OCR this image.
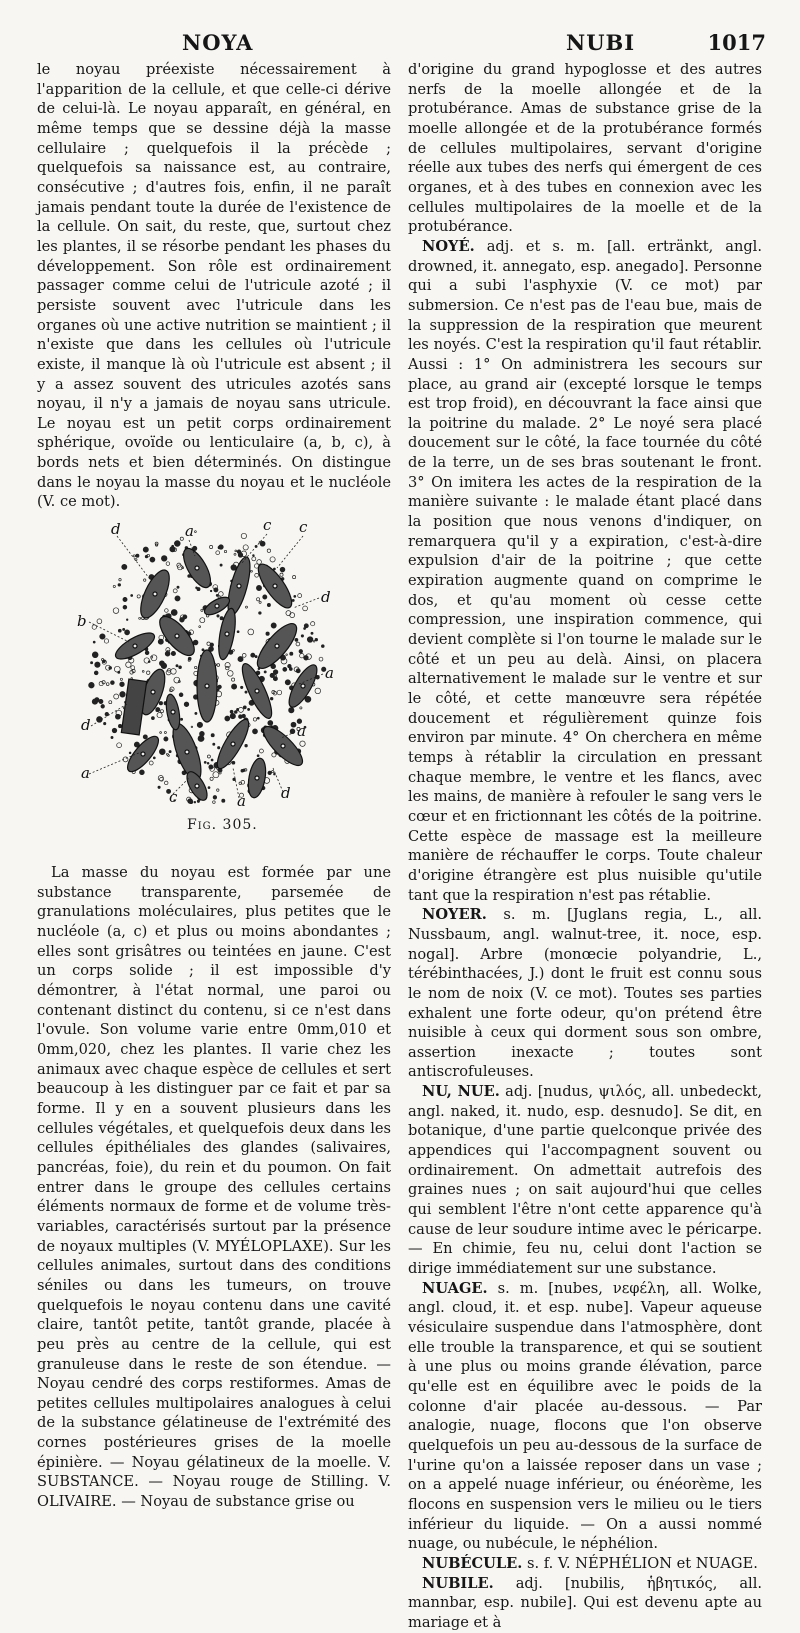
NOYA	NUBI	1017

le noyau préexiste nécessairement à l'apparition de la cellule, et que celle-ci dérive de celui-là. Le noyau apparaît, en général, en même temps que se dessine déjà la masse cellulaire ; quelquefois il la précède ; quelquefois sa naissance est, au contraire, consécutive ; d'autres fois, enfin, il ne paraît jamais pendant toute la durée de l'existence de la cellule. On sait, du reste, que, surtout chez les plantes, il se résorbe pendant les phases du développement. Son rôle est ordinairement passager comme celui de l'utricule azoté ; il persiste souvent avec l'utricule dans les organes où une active nutrition se maintient ; il n'existe que dans les cellules où l'utricule existe, il manque là où l'utricule est absent ; il y a assez souvent des utricules azotés sans noyau, il n'y a jamais de noyau sans utricule. Le noyau est un petit corps ordinairement sphérique, ovoïde ou lenticulaire (a, b, c), à bords nets et bien déterminés. On distingue dans le noyau la masse du noyau et le nucléole (V. ce mot).

d	a	c c
d
b
a
d	a
a
c	a d
Fig. 305.

La masse du noyau est formée par une substance transparente, parsemée de granulations moléculaires, plus petites que le nucléole (a, c) et plus ou moins abondantes ; elles sont grisâtres ou teintées en jaune. C'est un corps solide ; il est impossible d'y démontrer, à l'état normal, une paroi ou contenant distinct du contenu, si ce n'est dans l'ovule. Son volume varie entre 0mm,010 et 0mm,020, chez les plantes. Il varie chez les animaux avec chaque espèce de cellules et sert beaucoup à les distinguer par ce fait et par sa forme. Il y en a souvent plusieurs dans les cellules végétales, et quelquefois deux dans les cellules épithéliales des glandes (salivaires, pancréas, foie), du rein et du poumon. On fait entrer dans le groupe des cellules certains éléments normaux de forme et de volume très-variables, caractérisés surtout par la présence de noyaux multiples (V. MYÉLOPLAXE). Sur les cellules animales, surtout dans des conditions séniles ou dans les tumeurs, on trouve quelquefois le noyau contenu dans une cavité claire, tantôt petite, tantôt grande, placée à peu près au centre de la cellule, qui est granuleuse dans le reste de son étendue. — Noyau cendré des corps restiformes. Amas de petites cellules multipolaires analogues à celui de la substance gélatineuse de l'extrémité des cornes postérieures grises de la moelle épinière. — Noyau gélatineux de la moelle. V. SUBSTANCE. — Noyau rouge de Stilling. V. OLIVAIRE. — Noyau de substance grise ou

d'origine du grand hypoglosse et des autres nerfs de la moelle allongée et de la protubérance. Amas de substance grise de la moelle allongée et de la protubérance formés de cellules multipolaires, servant d'origine réelle aux tubes des nerfs qui émergent de ces organes, et à des tubes en connexion avec les cellules multipolaires de la moelle et de la protubérance.

NOYÉ. adj. et s. m. [all. ertränkt, angl. drowned, it. annegato, esp. anegado]. Personne qui a subi l'asphyxie (V. ce mot) par submersion. Ce n'est pas de l'eau bue, mais de la suppression de la respiration que meurent les noyés. C'est la respiration qu'il faut rétablir. Aussi : 1° On administrera les secours sur place, au grand air (excepté lorsque le temps est trop froid), en découvrant la face ainsi que la poitrine du malade. 2° Le noyé sera placé doucement sur le côté, la face tournée du côté de la terre, un de ses bras soutenant le front. 3° On imitera les actes de la respiration de la manière suivante : le malade étant placé dans la position que nous venons d'indiquer, on remarquera qu'il y a expiration, c'est-à-dire expulsion d'air de la poitrine ; que cette expiration augmente quand on comprime le dos, et qu'au moment où cesse cette compression, une inspiration commence, qui devient complète si l'on tourne le malade sur le côté et un peu au delà. Ainsi, on placera alternativement le malade sur le ventre et sur le côté, et cette manœuvre sera répétée doucement et régulièrement quinze fois environ par minute. 4° On cherchera en même temps à rétablir la circulation en pressant chaque membre, le ventre et les flancs, avec les mains, de manière à refouler le sang vers le cœur et en frictionnant les côtés de la poitrine. Cette espèce de massage est la meilleure manière de réchauffer le corps. Toute chaleur d'origine étrangère est plus nuisible qu'utile tant que la respiration n'est pas rétablie.

NOYER. s. m. [Juglans regia, L., all. Nussbaum, angl. walnut-tree, it. noce, esp. nogal]. Arbre (monœcie polyandrie, L., térébinthacées, J.) dont le fruit est connu sous le nom de noix (V. ce mot). Toutes ses parties exhalent une forte odeur, qu'on prétend être nuisible à ceux qui dorment sous son ombre, assertion inexacte ; toutes sont antiscrofuleuses.

NU, NUE. adj. [nudus, ψιλός, all. unbedeckt, angl. naked, it. nudo, esp. desnudo]. Se dit, en botanique, d'une partie quelconque privée des appendices qui l'accompagnent souvent ou ordinairement. On admettait autrefois des graines nues ; on sait aujourd'hui que celles qui semblent l'être n'ont cette apparence qu'à cause de leur soudure intime avec le péricarpe. — En chimie, feu nu, celui dont l'action se dirige immédiatement sur une substance.

NUAGE. s. m. [nubes, νεφέλη, all. Wolke, angl. cloud, it. et esp. nube]. Vapeur aqueuse vésiculaire suspendue dans l'atmosphère, dont elle trouble la transparence, et qui se soutient à une plus ou moins grande élévation, parce qu'elle est en équilibre avec le poids de la colonne d'air placée au-dessous. — Par analogie, nuage, flocons que l'on observe quelquefois un peu au-dessous de la surface de l'urine qu'on a laissée reposer dans un vase ; on a appelé nuage inférieur, ou énéorème, les flocons en suspension vers le milieu ou le tiers inférieur du liquide. — On a aussi nommé nuage, ou nubécule, le néphélion.

NUBÉCULE. s. f. V. NÉPHÉLION et NUAGE.

NUBILE. adj. [nubilis, ἡβητικός, all. mannbar, esp. nubile]. Qui est devenu apte au mariage et à
